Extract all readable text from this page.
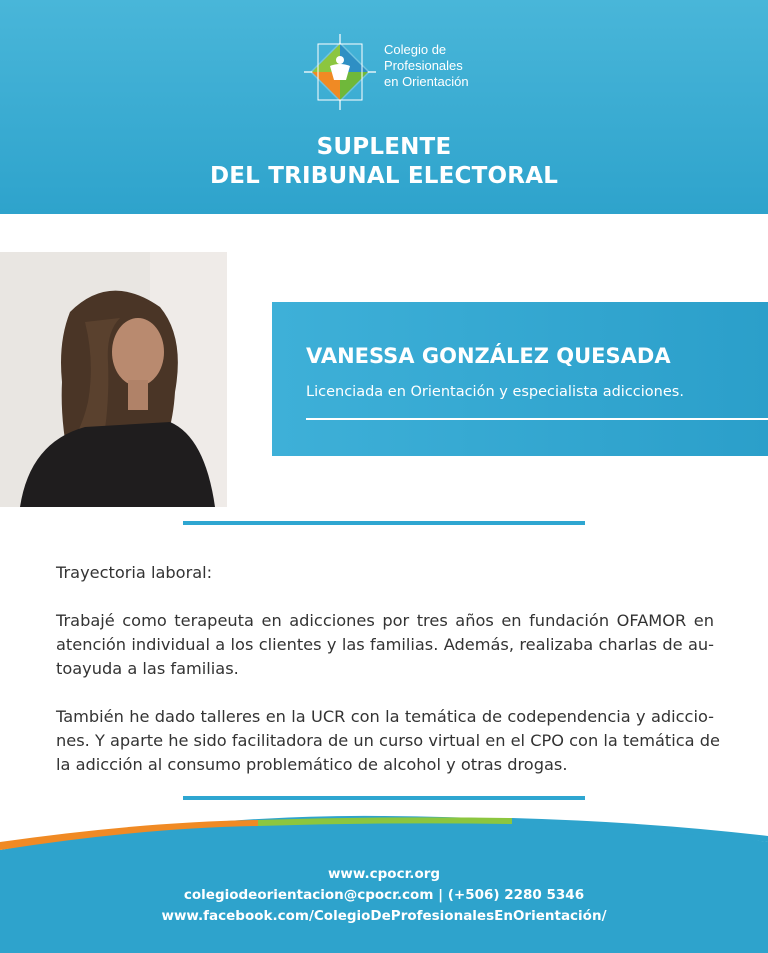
Colegio de
Profesionales
en Orientación
SUPLENTE
DEL TRIBUNAL ELECTORAL
VANESSA GONZÁLEZ QUESADA
Licenciada en Orientación y especialista adicciones.

Trayectoria laboral:

Trabajé como terapeuta en adicciones por tres años en fundación OFAMOR en
atención individual a los clientes y las familias. Además, realizaba charlas de au-
toayuda a las familias.

También he dado talleres en la UCR con la temática de codependencia y adiccio-
nes. Y aparte he sido facilitadora de un curso virtual en el CPO con la temática de
la adicción al consumo problemático de alcohol y otras drogas.

www.cpocr.org
colegiodeorientacion@cpocr.com | (+506) 2280 5346
www.facebook.com/ColegioDeProfesionalesEnOrientación/
